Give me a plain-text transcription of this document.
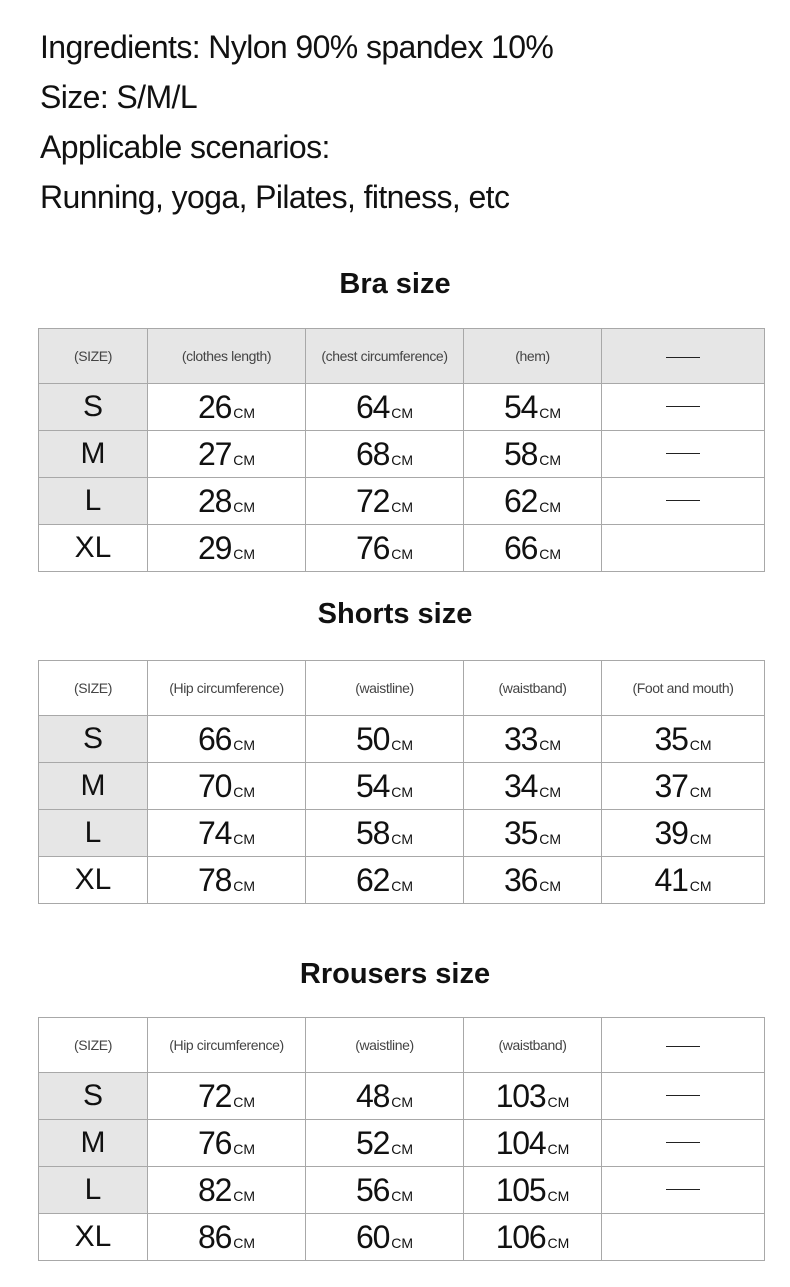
Ingredients: Nylon 90% spandex 10%
Size: S/M/L
Applicable scenarios:
Running, yoga, Pilates, fitness, etc
Bra size
(SIZE)	(clothes length)	(chest circumference)	(hem)	
S	26 CM	64 CM	54 CM	
M	27 CM	68 CM	58 CM	
L	28 CM	72 CM	62 CM	
XL	29 CM	76 CM	66 CM	
Shorts size
(SIZE)	(Hip circumference)	(waistline)	(waistband)	(Foot and mouth)
S	66 CM	50 CM	33 CM	35 CM
M	70 CM	54 CM	34 CM	37 CM
L	74 CM	58 CM	35 CM	39 CM
XL	78 CM	62 CM	36 CM	41 CM
Rrousers size
(SIZE)	(Hip circumference)	(waistline)	(waistband)	
S	72 CM	48 CM	103 CM	
M	76 CM	52 CM	104 CM	
L	82 CM	56 CM	105 CM	
XL	86 CM	60 CM	106 CM	
